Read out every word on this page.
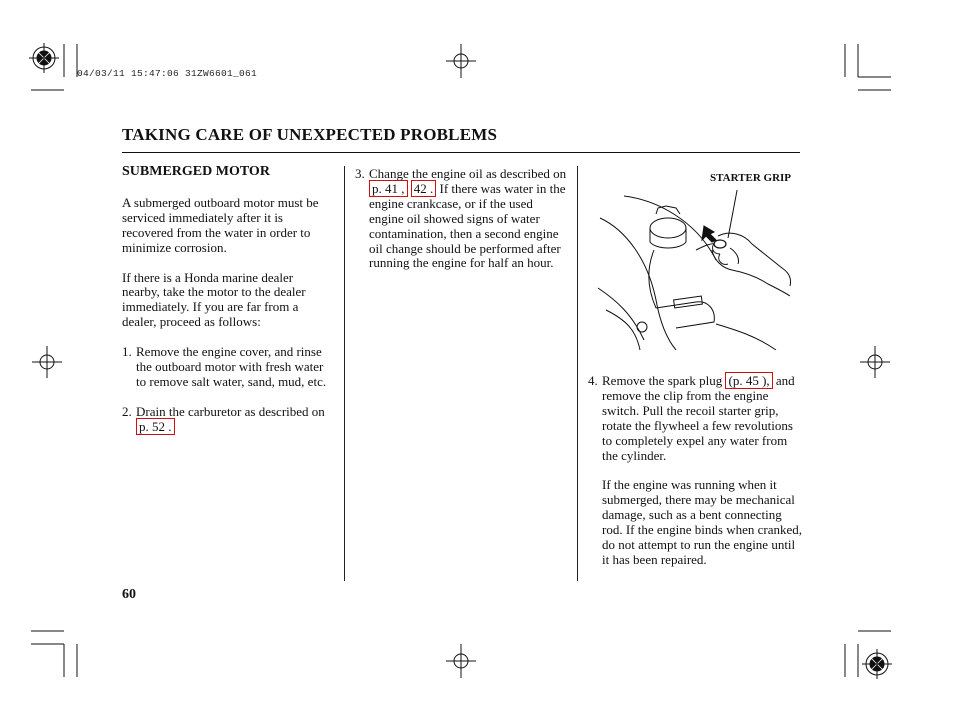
04/03/11 15:47:06 31ZW6601_061
TAKING CARE OF UNEXPECTED PROBLEMS
SUBMERGED MOTOR

A submerged outboard motor must be serviced immediately after it is recovered from the water in order to minimize corrosion.

If there is a Honda marine dealer nearby, take the motor to the dealer immediately. If you are far from a dealer, proceed as follows:

1. Remove the engine cover, and rinse the outboard motor with fresh water to remove salt water, sand, mud, etc.
2. Drain the carburetor as described on p. 52 .
3. Change the engine oil as described on p. 41 , 42 . If there was water in the engine crankcase, or if the used engine oil showed signs of water contamination, then a second engine oil change should be performed after running the engine for half an hour.
STARTER GRIP
4. Remove the spark plug (p. 45 ), and remove the clip from the engine switch. Pull the recoil starter grip, rotate the flywheel a few revolutions to completely expel any water from the cylinder.

If the engine was running when it submerged, there may be mechanical damage, such as a bent connecting rod. If the engine binds when cranked, do not attempt to run the engine until it has been repaired.

60
